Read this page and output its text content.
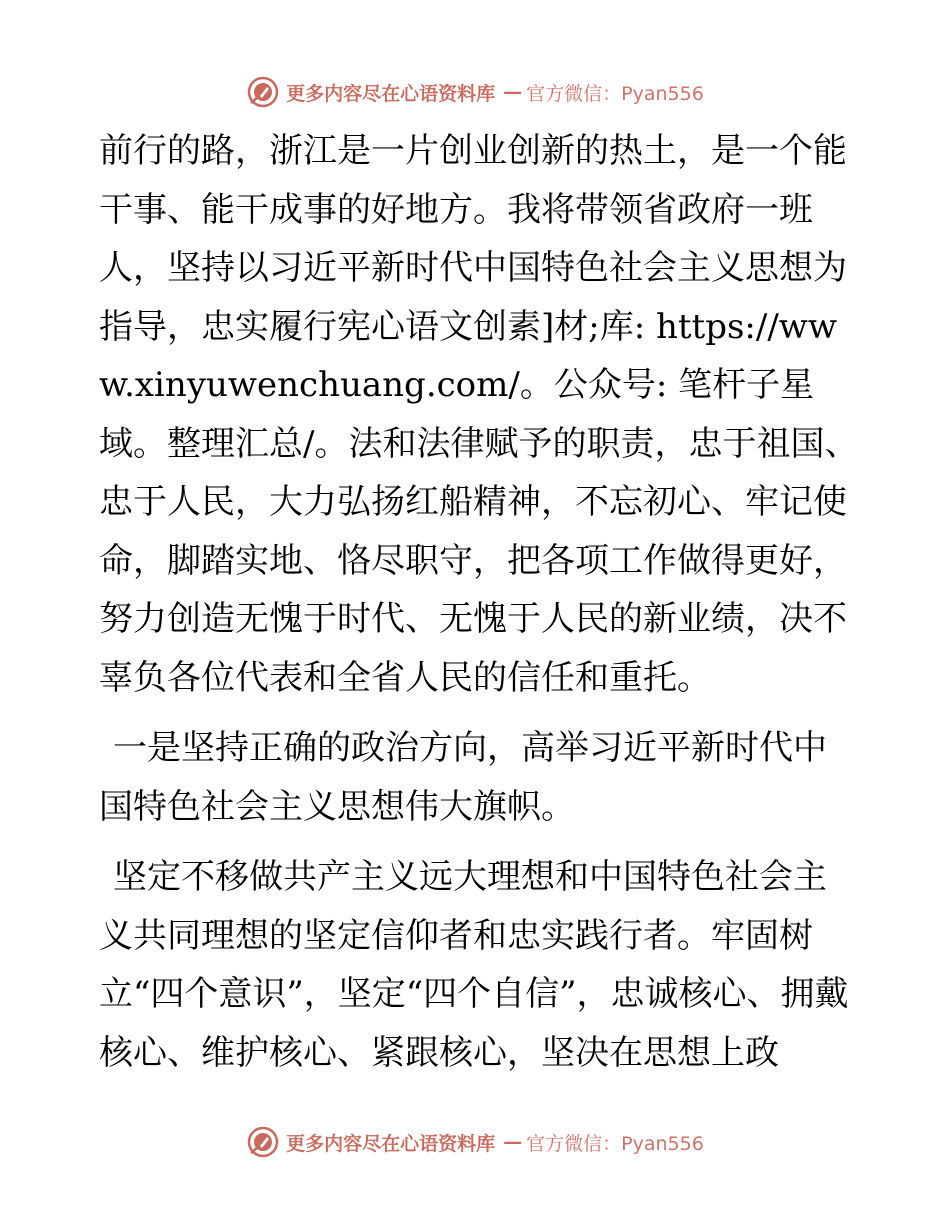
更多内容尽在心语资料库 — 官方微信：Pyan556

前行的路，浙江是一片创业创新的热土，是一个能干事、能干成事的好地方。我将带领省政府一班人，坚持以习近平新时代中国特色社会主义思想为指导，忠实履行宪心语文创素]材;库: https://www.xinyuwenchuang.com/。公众号: 笔杆子星域。整理汇总/。法和法律赋予的职责，忠于祖国、忠于人民，大力弘扬红船精神，不忘初心、牢记使命，脚踏实地、恪尽职守，把各项工作做得更好，努力创造无愧于时代、无愧于人民的新业绩，决不辜负各位代表和全省人民的信任和重托。

一是坚持正确的政治方向，高举习近平新时代中国特色社会主义思想伟大旗帜。

坚定不移做共产主义远大理想和中国特色社会主义共同理想的坚定信仰者和忠实践行者。牢固树立“四个意识”，坚定“四个自信”，忠诚核心、拥戴核心、维护核心、紧跟核心，坚决在思想上政

更多内容尽在心语资料库 — 官方微信：Pyan556
